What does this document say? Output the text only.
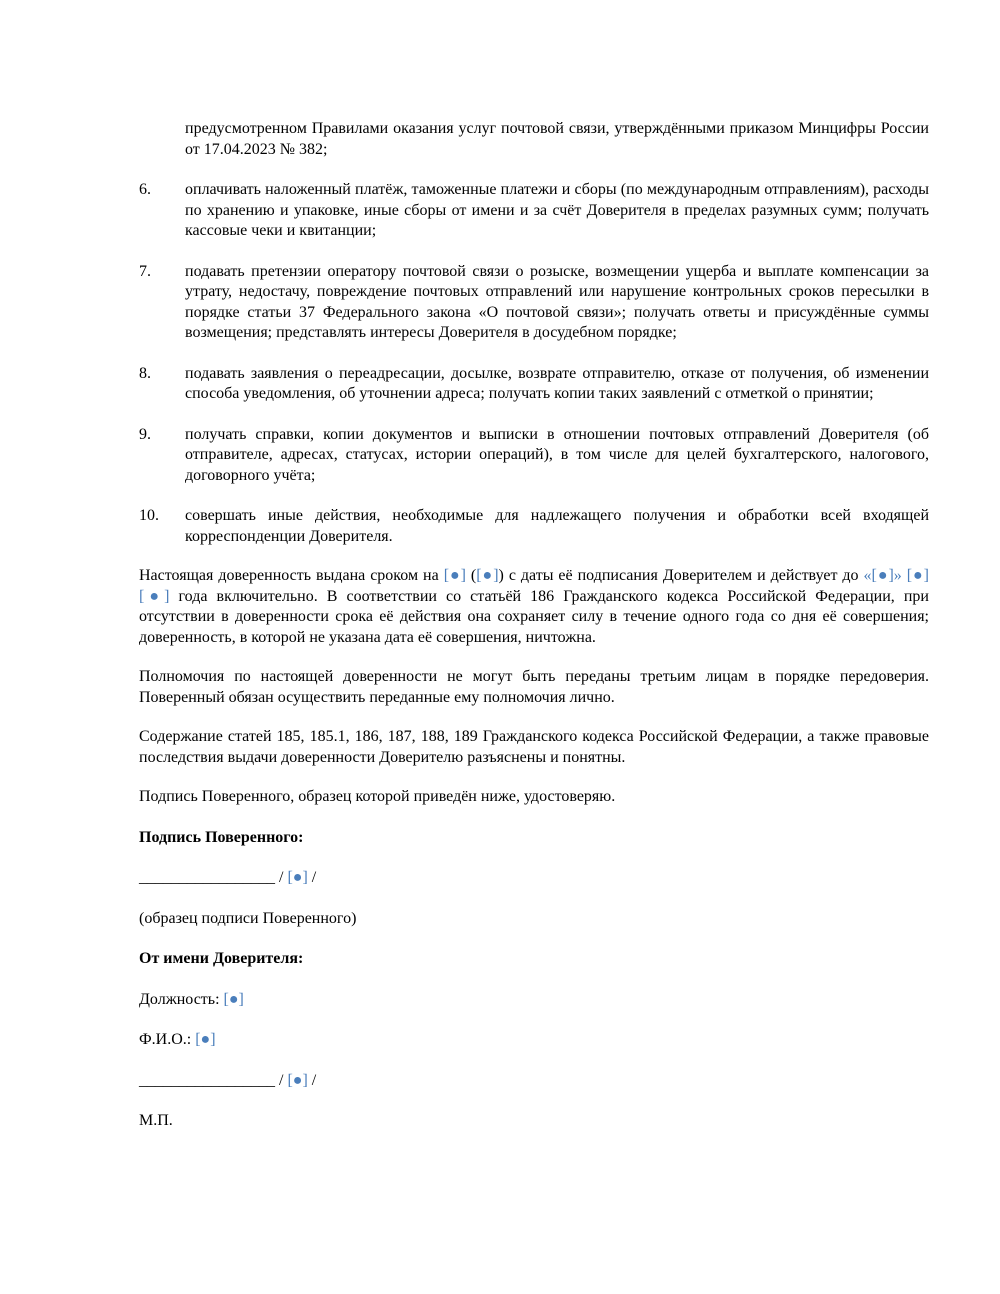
предусмотренном Правилами оказания услуг почтовой связи, утверждёнными приказом Минцифры России от 17.04.2023 № 382;

6. оплачивать наложенный платёж, таможенные платежи и сборы (по международным отправлениям), расходы по хранению и упаковке, иные сборы от имени и за счёт Доверителя в пределах разумных сумм; получать кассовые чеки и квитанции;

7. подавать претензии оператору почтовой связи о розыске, возмещении ущерба и выплате компенсации за утрату, недостачу, повреждение почтовых отправлений или нарушение контрольных сроков пересылки в порядке статьи 37 Федерального закона «О почтовой связи»; получать ответы и присуждённые суммы возмещения; представлять интересы Доверителя в досудебном порядке;

8. подавать заявления о переадресации, досылке, возврате отправителю, отказе от получения, об изменении способа уведомления, об уточнении адреса; получать копии таких заявлений с отметкой о принятии;

9. получать справки, копии документов и выписки в отношении почтовых отправлений Доверителя (об отправителе, адресах, статусах, истории операций), в том числе для целей бухгалтерского, налогового, договорного учёта;

10. совершать иные действия, необходимые для надлежащего получения и обработки всей входящей корреспонденции Доверителя.

Настоящая доверенность выдана сроком на [●] ([●]) с даты её подписания Доверителем и действует до «[●]» [●] [●] года включительно. В соответствии со статьёй 186 Гражданского кодекса Российской Федерации, при отсутствии в доверенности срока её действия она сохраняет силу в течение одного года со дня её совершения; доверенность, в которой не указана дата её совершения, ничтожна.

Полномочия по настоящей доверенности не могут быть переданы третьим лицам в порядке передоверия. Поверенный обязан осуществить переданные ему полномочия лично.

Содержание статей 185, 185.1, 186, 187, 188, 189 Гражданского кодекса Российской Федерации, а также правовые последствия выдачи доверенности Доверителю разъяснены и понятны.

Подпись Поверенного, образец которой приведён ниже, удостоверяю.

Подпись Поверенного:

_________________ / [●] /

(образец подписи Поверенного)

От имени Доверителя:

Должность: [●]

Ф.И.О.: [●]

_________________ / [●] /

М.П.
